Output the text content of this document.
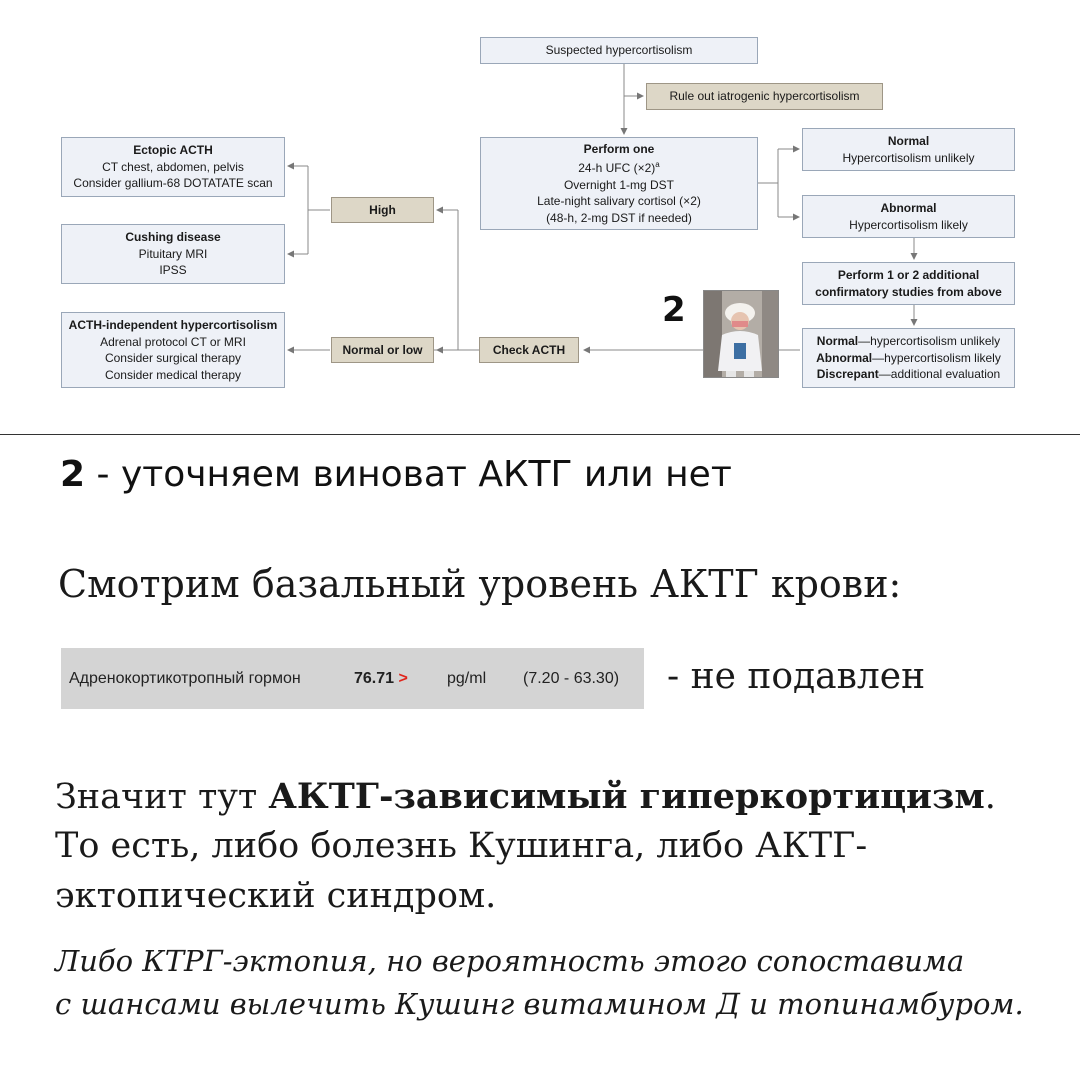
Suspected hypercortisolism
Rule out iatrogenic hypercortisolism
Perform one
24-h UFC $(\times 2)^a$
Overnight 1-mg DST
Late-night salivary cortisol (×2)
(48-h, 2-mg DST if needed)
Normal
Hypercortisolism unlikely
Abnormal
Hypercortisolism likely
Perform 1 or 2 additional
confirmatory studies from above
Normal—hypercortisolism unlikely
Abnormal—hypercortisolism likely
Discrepant—additional evaluation
Check ACTH
High
Normal or low
Ectopic ACTH
CT chest, abdomen, pelvis
Consider gallium-68 DOTATATE scan
Cushing disease
Pituitary MRI
IPSS
ACTH-independent hypercortisolism
Adrenal protocol CT or MRI
Consider surgical therapy
Consider medical therapy
2
2 - уточняем виноват АКТГ или нет
Смотрим базальный уровень АКТГ крови:
Адренокортикотропный гормон	76.71 > pg/ml (7.20 - 63.30) - не подавлен
Значит тут АКТГ-зависимый гиперкортицизм.
То есть, либо болезнь Кушинга, либо АКТГ-
эктопический синдром.
Либо КТРГ-эктопия, но вероятность этого сопоставима
с шансами вылечить Кушинг витамином Д и топинамбуром.
